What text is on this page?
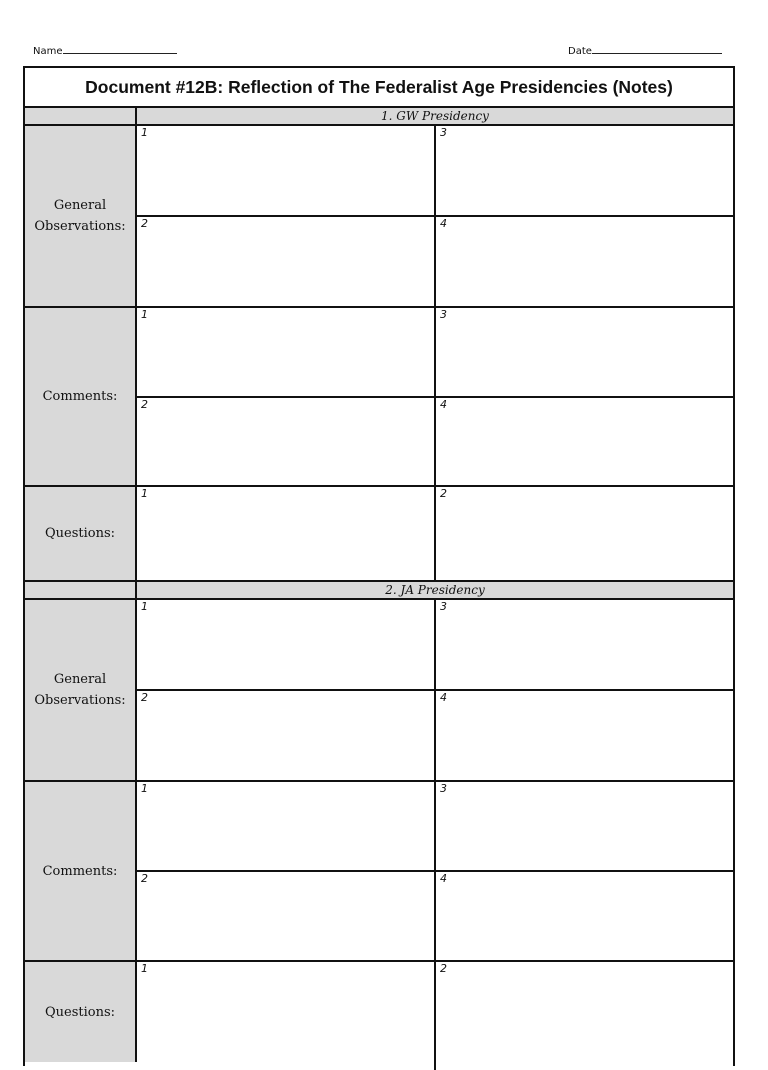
Name	Date
Document #12B: Reflection of The Federalist Age Presidencies (Notes)
1. GW Presidency
General Observations:
1	3
2	4
Comments:
1	3
2	4
Questions:
1	2
2. JA Presidency
General Observations:
1	3
2	4
Comments:
1	3
2	4
Questions:
1	2
